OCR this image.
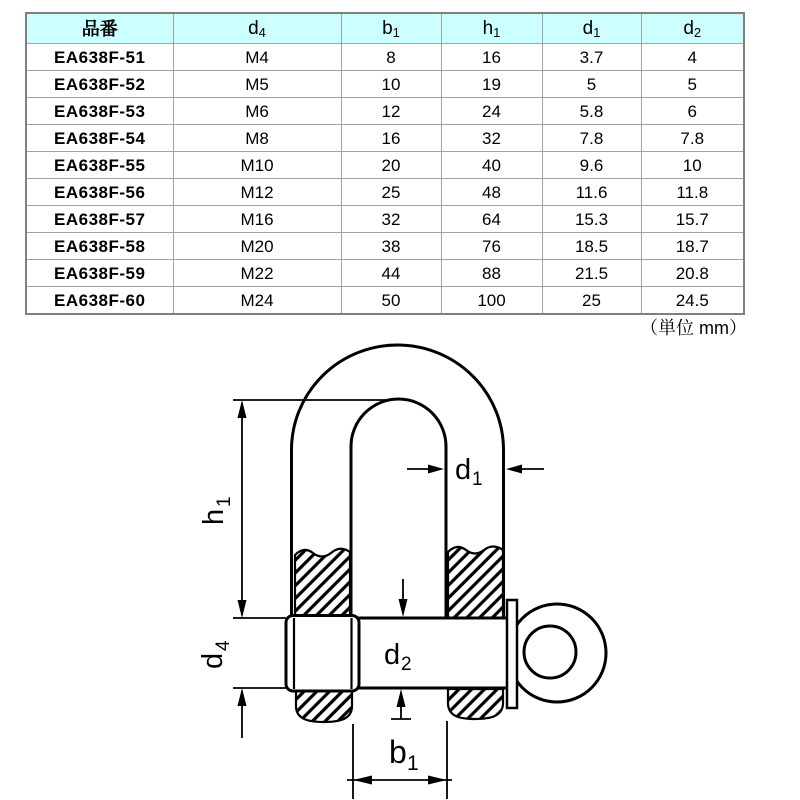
品番	d4	b1	h1	d1	d2
EA638F-51	M4	8	16	3.7	4
EA638F-52	M5	10	19	5	5
EA638F-53	M6	12	24	5.8	6
EA638F-54	M8	16	32	7.8	7.8
EA638F-55	M10	20	40	9.6	10
EA638F-56	M12	25	48	11.6	11.8
EA638F-57	M16	32	64	15.3	15.7
EA638F-58	M20	38	76	18.5	18.7
EA638F-59	M22	44	88	21.5	20.8
EA638F-60	M24	50	100	25	24.5
（単位 mm）
h
1
d
4
d 1
d 2
b 1
